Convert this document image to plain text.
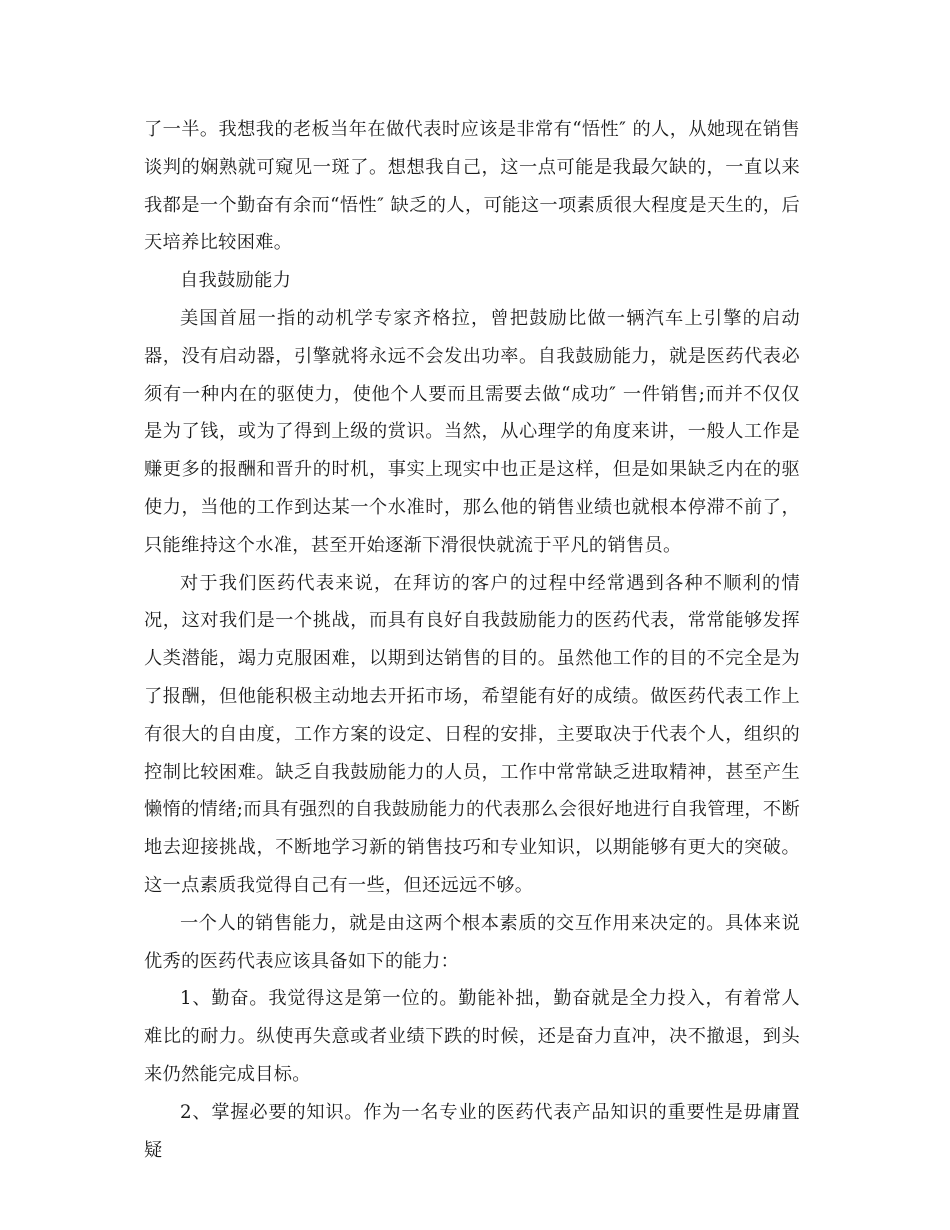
了一半。我想我的老板当年在做代表时应该是非常有“悟性″ 的人，从她现在销售谈判的娴熟就可窥见一斑了。想想我自己，这一点可能是我最欠缺的，一直以来我都是一个勤奋有余而“悟性″ 缺乏的人，可能这一项素质很大程度是天生的，后天培养比较困难。

自我鼓励能力

美国首屈一指的动机学专家齐格拉，曾把鼓励比做一辆汽车上引擎的启动器，没有启动器，引擎就将永远不会发出功率。自我鼓励能力，就是医药代表必须有一种内在的驱使力，使他个人要而且需要去做“成功″ 一件销售;而并不仅仅是为了钱，或为了得到上级的赏识。当然，从心理学的角度来讲，一般人工作是赚更多的报酬和晋升的时机，事实上现实中也正是这样，但是如果缺乏内在的驱使力，当他的工作到达某一个水准时，那么他的销售业绩也就根本停滞不前了，只能维持这个水准，甚至开始逐渐下滑很快就流于平凡的销售员。

对于我们医药代表来说，在拜访的客户的过程中经常遇到各种不顺利的情况，这对我们是一个挑战，而具有良好自我鼓励能力的医药代表，常常能够发挥人类潜能，竭力克服困难，以期到达销售的目的。虽然他工作的目的不完全是为了报酬，但他能积极主动地去开拓市场，希望能有好的成绩。做医药代表工作上有很大的自由度，工作方案的设定、日程的安排，主要取决于代表个人，组织的控制比较困难。缺乏自我鼓励能力的人员，工作中常常缺乏进取精神，甚至产生懒惰的情绪;而具有强烈的自我鼓励能力的代表那么会很好地进行自我管理，不断地去迎接挑战，不断地学习新的销售技巧和专业知识，以期能够有更大的突破。这一点素质我觉得自己有一些，但还远远不够。

一个人的销售能力，就是由这两个根本素质的交互作用来决定的。具体来说优秀的医药代表应该具备如下的能力：

1、勤奋。我觉得这是第一位的。勤能补拙，勤奋就是全力投入，有着常人难比的耐力。纵使再失意或者业绩下跌的时候，还是奋力直冲，决不撤退，到头来仍然能完成目标。

2、掌握必要的知识。作为一名专业的医药代表产品知识的重要性是毋庸置疑
